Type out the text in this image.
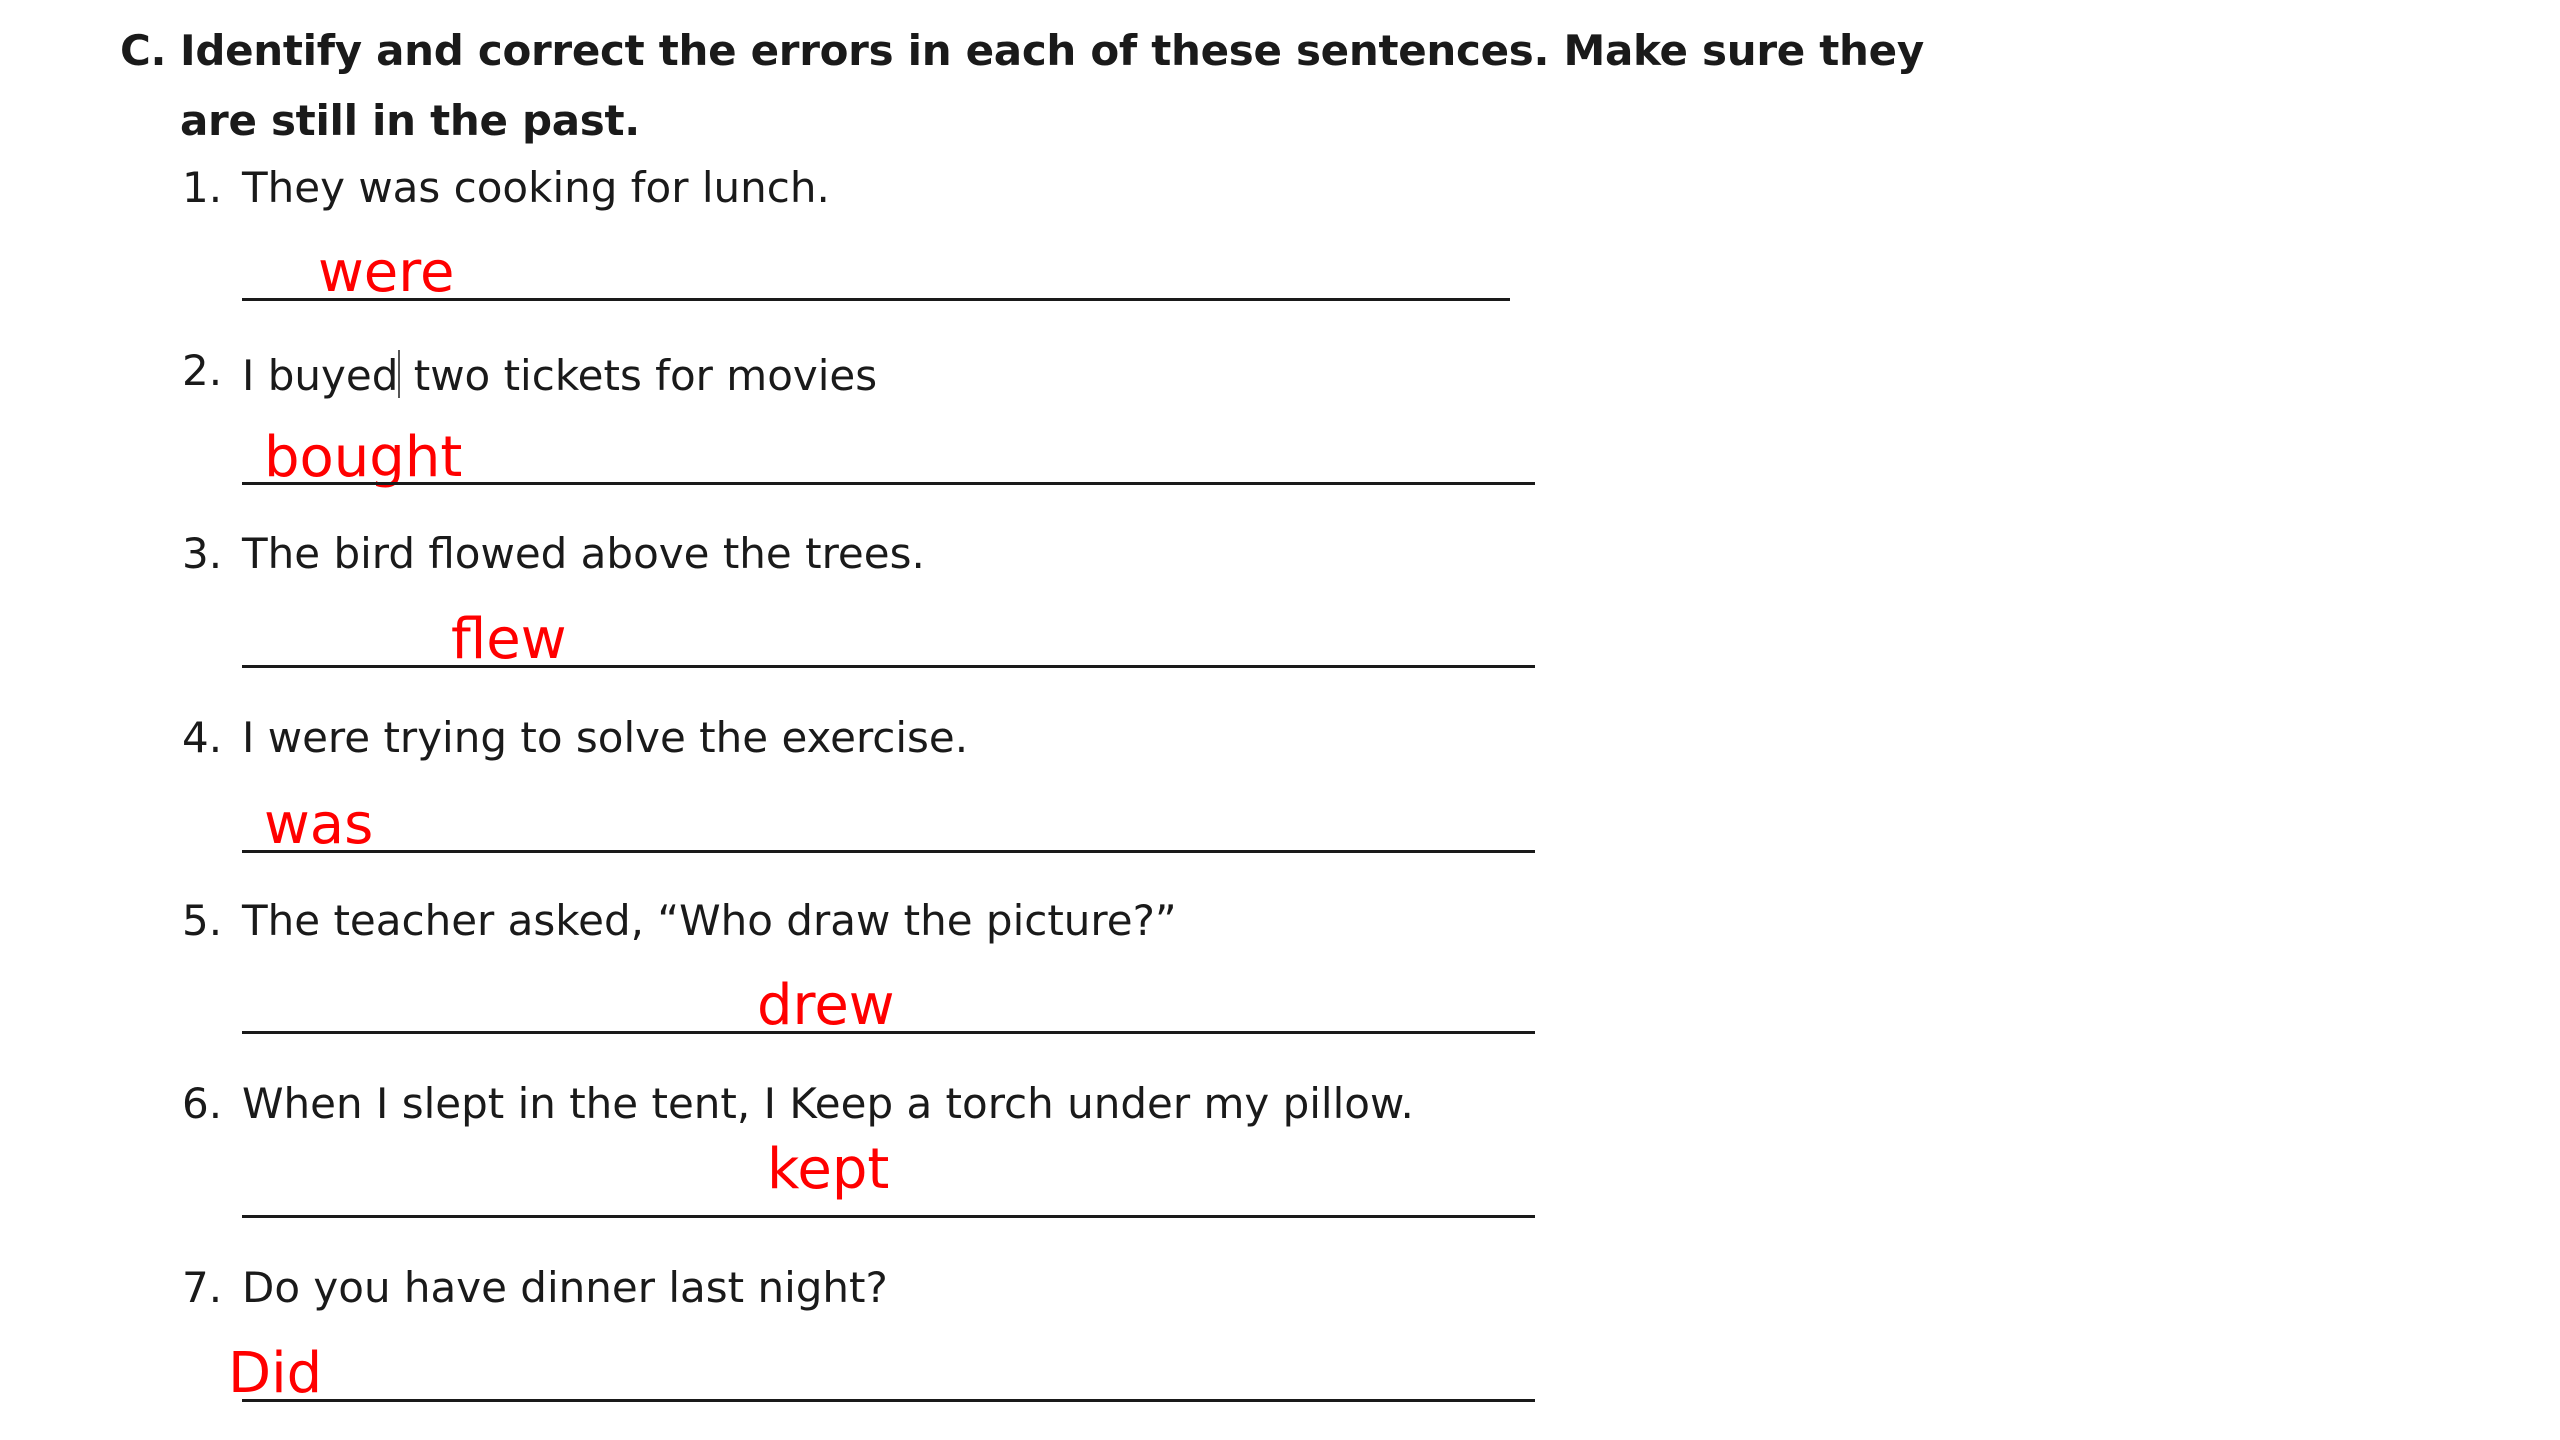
C. Identify and correct the errors in each of these sentences. Make sure they
are still in the past.
1. They was cooking for lunch.
were
2. I buyed two tickets for movies
bought
3. The bird flowed above the trees.
flew
4. I were trying to solve the exercise.
was
5. The teacher asked, “Who draw the picture?”
drew
6. When I slept in the tent, I Keep a torch under my pillow.
kept
7. Do you have dinner last night?
Did
